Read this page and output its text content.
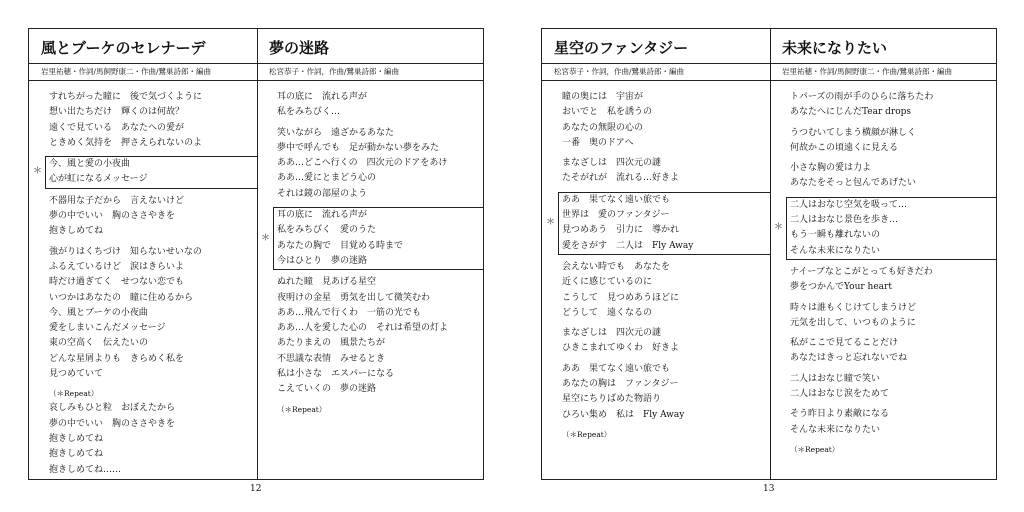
風とブーケのセレナーデ
岩里祐穂・作詞/馬飼野康二・作曲/鷺巣詩郎・編曲
すれちがった瞳に　後で気づくように
想い出たちだけ　輝くのは何故？
遠くで見ている　あなたへの愛が
ときめく気持を　押さえられないのよ
＊
今、風と愛の小夜曲
心が虹になるメッセージ
不器用な子だから　言えないけど
夢の中でいい　胸のささやきを
抱きしめてね
強がりはくちづけ　知らないせいなの
ふるえているけど　涙はきらいよ
時だけ過ぎてく　せつない恋でも
いつかはあなたの　瞳に住めるから
今、風とブーケの小夜曲
愛をしまいこんだメッセージ
東の空高く　伝えたいの
どんな星屑よりも　きらめく私を
見つめていて
（＊Repeat）
哀しみもひと粒　おぼえたから
夢の中でいい　胸のささやきを
抱きしめてね
抱きしめてね
抱きしめてね……
夢の迷路
松宮恭子・作詞，作曲/鷺巣詩郎・編曲
耳の底に　流れる声が
私をみちびく…
笑いながら　遠ざかるあなた
夢中で呼んでも　足が動かない夢をみた
ああ…どこへ行くの　四次元のドアをあけ
ああ…愛にとまどう心の
それは鏡の部屋のよう
＊
耳の底に　流れる声が
私をみちびく　愛のうた
あなたの胸で　目覚める時まで
今はひとり　夢の迷路
ぬれた瞳　見あげる星空
夜明けの金星　勇気を出して微笑むわ
ああ…飛んで行くわ　一筋の光でも
ああ…人を愛した心の　それは希望の灯よ
あたりまえの　風景たちが
不思議な表情　みせるとき
私は小さな　エスパーになる
こえていくの　夢の迷路
（＊Repeat）
星空のファンタジー
松宮恭子・作詞，作曲/鷺巣詩郎・編曲
瞳の奥には　宇宙が
おいでと　私を誘うの
あなたの無限の心の
一番　奥のドアへ
まなざしは　四次元の謎
たそがれが　流れる…好きよ
＊
ああ　果てなく遠い旅でも
世界は　愛のファンタジー
見つめあう　引力に　導かれ
愛をさがす　二人は　Fly Away
会えない時でも　あなたを
近くに感じているのに
こうして　見つめあうほどに
どうして　遠くなるの
まなざしは　四次元の謎
ひきこまれてゆくわ　好きよ
ああ　果てなく遠い旅でも
あなたの胸は　ファンタジー
星空にちりばめた物語り
ひろい集め　私は　Fly Away
（＊Repeat）
未来になりたい
岩里祐穂・作詞/馬飼野康二・作曲/鷺巣詩郎・編曲
トパーズの雨が手のひらに落ちたわ
あなたへにじんだTear drops
うつむいてしまう横顔が淋しく
何故かこの頃遠くに見える
小さな胸の愛は力よ
あなたをそっと包んであげたい
＊
二人はおなじ空気を吸って…
二人はおなじ景色を歩き…
もう一瞬も離れないの
そんな未来になりたい
ナイーブなとこがとっても好きだわ
夢をつかんでYour heart
時々は誰もくじけてしまうけど
元気を出して、いつものように
私がここで見てることだけ
あなたはきっと忘れないでね
二人はおなじ瞳で笑い
二人はおなじ涙をためて
そう昨日より素敵になる
そんな未来になりたい
（＊Repeat）
12	13
